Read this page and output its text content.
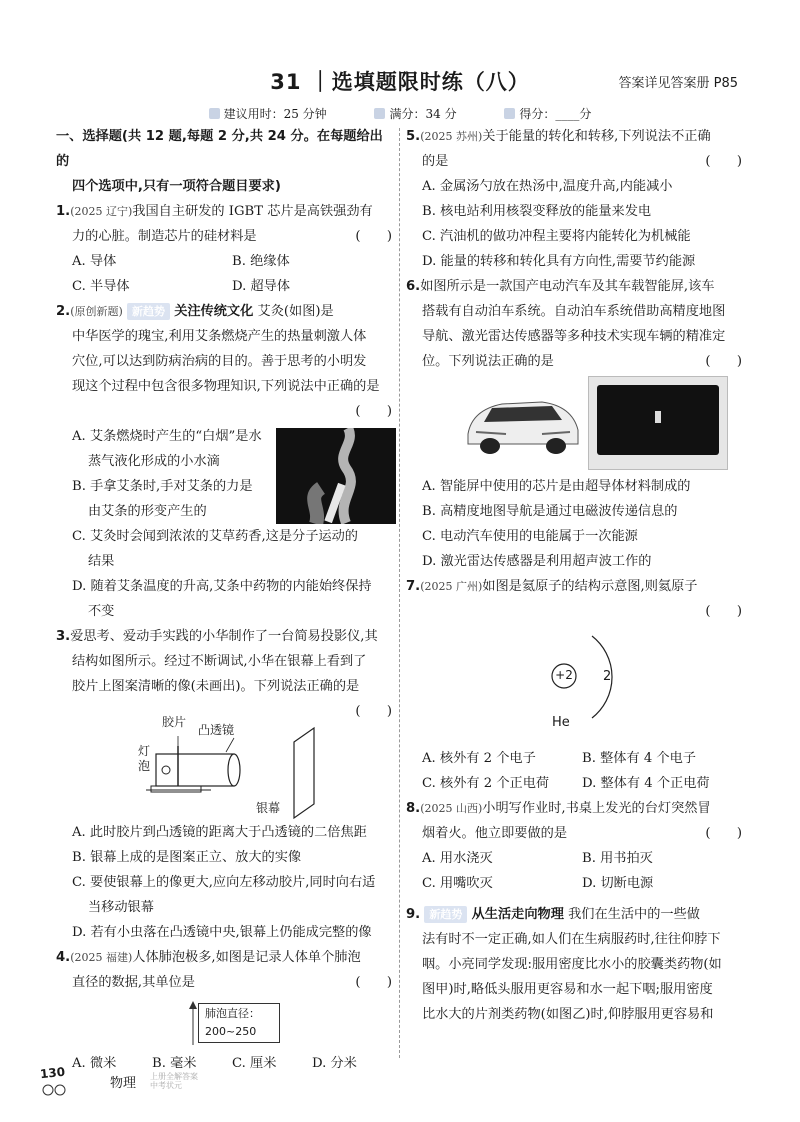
31 ｜选填题限时练（八）	答案详见答案册 P85
建议用时：25 分钟	满分：34 分	得分：____分

一、选择题(共 12 题,每题 2 分,共 24 分。在每题给出的

四个选项中,只有一项符合题目要求)

1.(2025 辽宁)我国自主研发的 IGBT 芯片是高铁强劲有

力的心脏。制造芯片的硅材料是	(　　)

A. 导体	B. 绝缘体

C. 半导体	D. 超导体

2.(原创新题) 新趋势 关注传统文化 艾灸(如图)是

中华医学的瑰宝,利用艾条燃烧产生的热量刺激人体

穴位,可以达到防病治病的目的。善于思考的小明发

现这个过程中包含很多物理知识,下列说法中正确的是

(　　)

A. 艾条燃烧时产生的“白烟”是水

蒸气液化形成的小水滴

B. 手拿艾条时,手对艾条的力是

由艾条的形变产生的

C. 艾灸时会闻到浓浓的艾草药香,这是分子运动的

结果

D. 随着艾条温度的升高,艾条中药物的内能始终保持

不变

3.爱思考、爱动手实践的小华制作了一台简易投影仪,其

结构如图所示。经过不断调试,小华在银幕上看到了

胶片上图案清晰的像(未画出)。下列说法正确的是

(　　)

胶片
凸透镜
灯
泡
银幕

A. 此时胶片到凸透镜的距离大于凸透镜的二倍焦距

B. 银幕上成的是图案正立、放大的实像

C. 要使银幕上的像更大,应向左移动胶片,同时向右适

当移动银幕

D. 若有小虫落在凸透镜中央,银幕上仍能成完整的像

4.(2025 福建)人体肺泡极多,如图是记录人体单个肺泡

直径的数据,其单位是	(　　)

肺泡直径：
200~250

A. 微米	B. 毫米	C. 厘米	D. 分米

5.(2025 苏州)关于能量的转化和转移,下列说法不正确

的是	(　　)

A. 金属汤勺放在热汤中,温度升高,内能减小

B. 核电站利用核裂变释放的能量来发电

C. 汽油机的做功冲程主要将内能转化为机械能

D. 能量的转移和转化具有方向性,需要节约能源

6.如图所示是一款国产电动汽车及其车载智能屏,该车

搭载有自动泊车系统。自动泊车系统借助高精度地图

导航、激光雷达传感器等多种技术实现车辆的精准定

位。下列说法正确的是	(　　)

A. 智能屏中使用的芯片是由超导体材料制成的

B. 高精度地图导航是通过电磁波传递信息的

C. 电动汽车使用的电能属于一次能源

D. 激光雷达传感器是利用超声波工作的

7.(2025 广州)如图是氦原子的结构示意图,则氦原子

(　　)

+2 2
He

A. 核外有 2 个电子	B. 整体有 4 个电子

C. 核外有 2 个正电荷	D. 整体有 4 个正电荷

8.(2025 山西)小明写作业时,书桌上发光的台灯突然冒

烟着火。他立即要做的是	(　　)

A. 用水浇灭	B. 用书拍灭

C. 用嘴吹灭	D. 切断电源

9. 新趋势 从生活走向物理 我们在生活中的一些做

法有时不一定正确,如人们在生病服药时,往往仰脖下

咽。小亮同学发现:服用密度比水小的胶囊类药物(如

图甲)时,略低头服用更容易和水一起下咽;服用密度

比水大的片剂类药物(如图乙)时,仰脖服用更容易和

130
物理 上册全解答案
中考状元
